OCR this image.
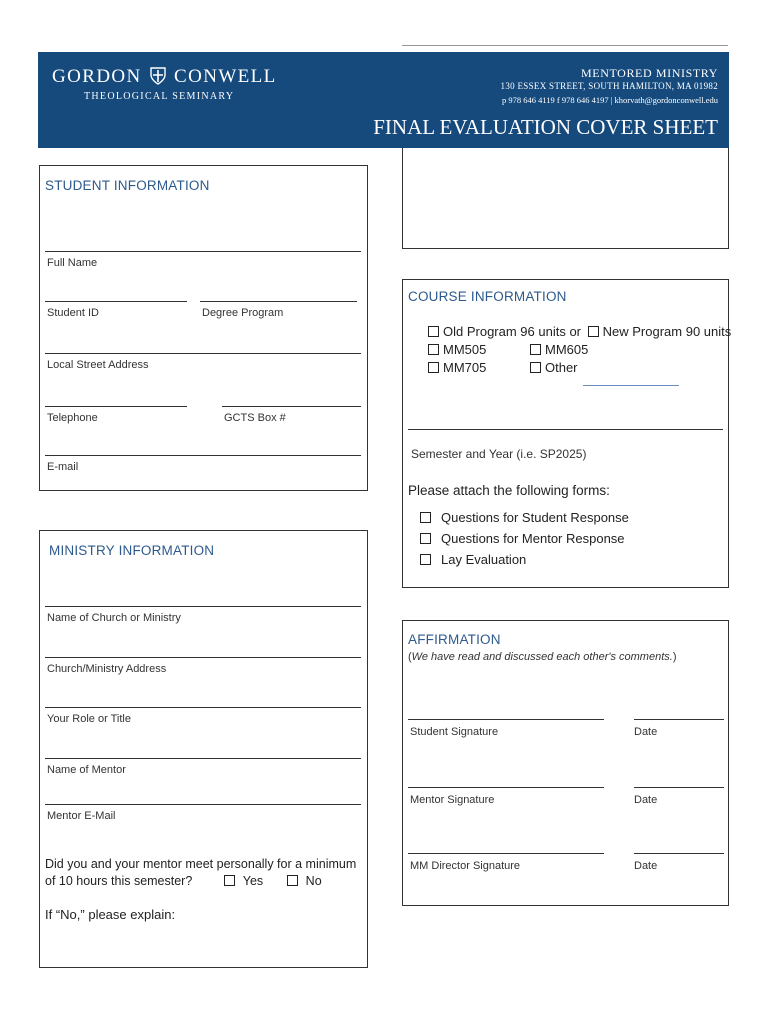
GORDON CONWELL
THEOLOGICAL SEMINARY
MENTORED MINISTRY
130 ESSEX STREET, SOUTH HAMILTON, MA 01982
p 978 646 4119 f 978 646 4197 | khorvath@gordonconwell.edu
FINAL EVALUATION COVER SHEET
STUDENT INFORMATION
Full Name
Student ID	Degree Program
Local Street Address
Telephone	GCTS Box #
E-mail
COURSE INFORMATION
Old Program 96 units or New Program 90 units
MM505	MM605
MM705	Other
Semester and Year (i.e. SP2025)
Please attach the following forms:
Questions for Student Response
Questions for Mentor Response
Lay Evaluation
MINISTRY INFORMATION
Name of Church or Ministry
Church/Ministry Address
Your Role or Title
Name of Mentor
Mentor E-Mail
Did you and your mentor meet personally for a minimum
of 10 hours this semester?	Yes	No
If “No,” please explain:
AFFIRMATION
(We have read and discussed each other's comments.)
Student Signature	Date
Mentor Signature	Date
MM Director Signature	Date
